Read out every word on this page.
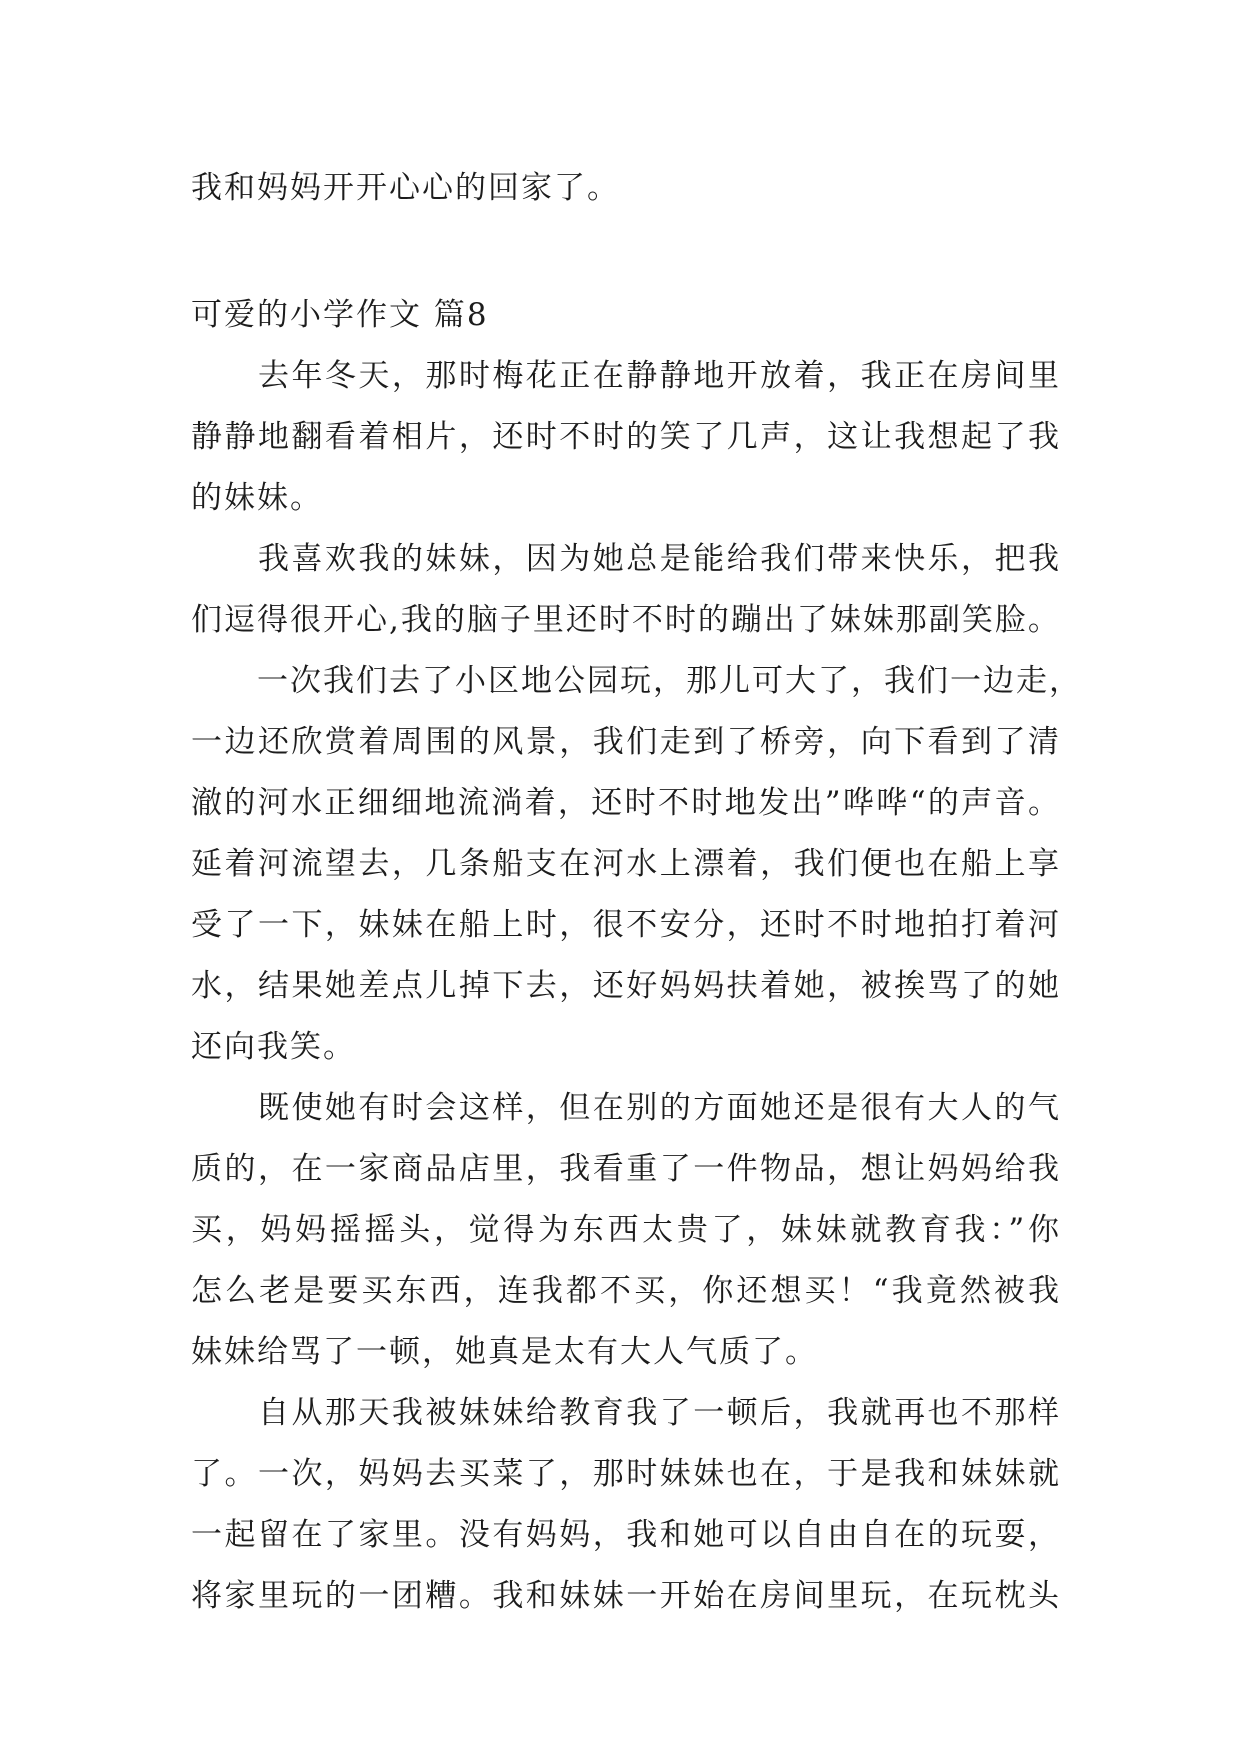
我和妈妈开开心心的回家了。
可爱的小学作文 篇8
　　去年冬天，那时梅花正在静静地开放着，我正在房间里
静静地翻看着相片，还时不时的笑了几声，这让我想起了我
的妹妹。
　　我喜欢我的妹妹，因为她总是能给我们带来快乐，把我
们逗得很开心,我的脑子里还时不时的蹦出了妹妹那副笑脸。
　　一次我们去了小区地公园玩，那儿可大了，我们一边走，
一边还欣赏着周围的风景，我们走到了桥旁，向下看到了清
澈的河水正细细地流淌着，还时不时地发出”哗哗“的声音。
延着河流望去，几条船支在河水上漂着，我们便也在船上享
受了一下，妹妹在船上时，很不安分，还时不时地拍打着河
水，结果她差点儿掉下去，还好妈妈扶着她，被挨骂了的她
还向我笑。
　　既使她有时会这样，但在别的方面她还是很有大人的气
质的，在一家商品店里，我看重了一件物品，想让妈妈给我
买，妈妈摇摇头，觉得为东西太贵了，妹妹就教育我：”你
怎么老是要买东西，连我都不买，你还想买！“我竟然被我
妹妹给骂了一顿，她真是太有大人气质了。
　　自从那天我被妹妹给教育我了一顿后，我就再也不那样
了。一次，妈妈去买菜了，那时妹妹也在，于是我和妹妹就
一起留在了家里。没有妈妈，我和她可以自由自在的玩耍，
将家里玩的一团糟。我和妹妹一开始在房间里玩，在玩枕头
